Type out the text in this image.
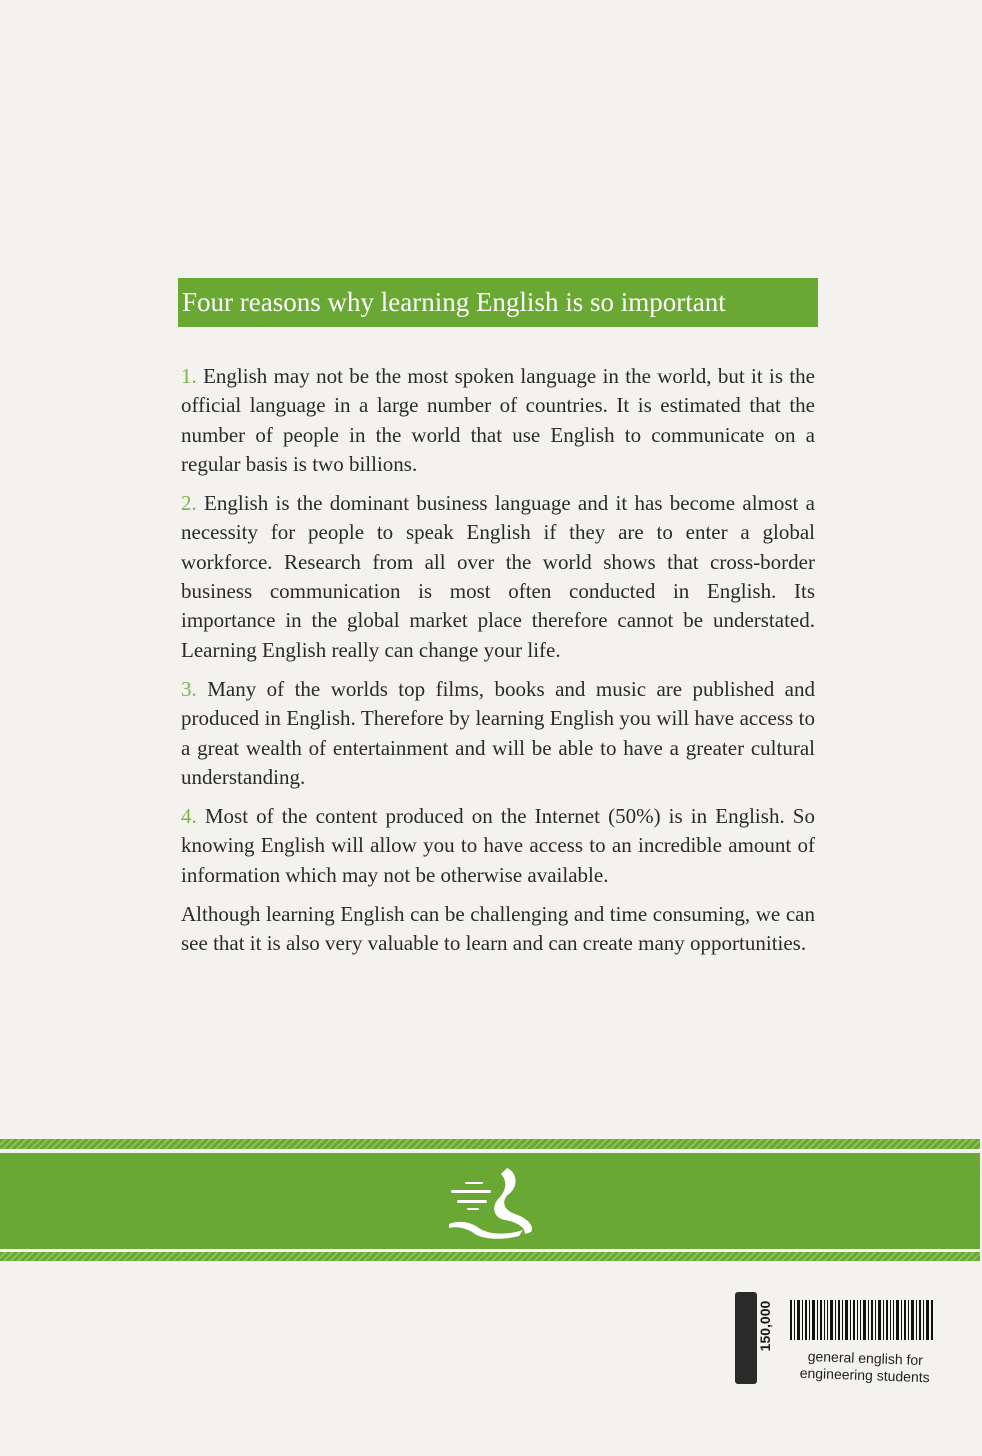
Four reasons why learning English is so important

1. English may not be the most spoken language in the world, but it is the official language in a large number of countries. It is estimated that the number of people in the world that use English to communicate on a regular basis is two billions.

2. English is the dominant business language and it has become almost a necessity for people to speak English if they are to enter a global workforce. Research from all over the world shows that cross-border business communication is most often conducted in English. Its importance in the global market place therefore cannot be understated. Learning English really can change your life.

3. Many of the worlds top films, books and music are published and produced in English. Therefore by learning English you will have access to a great wealth of entertainment and will be able to have a greater cultural understanding.

4. Most of the content produced on the Internet (50%) is in English. So knowing English will allow you to have access to an incredible amount of information which may not be otherwise available.

Although learning English can be challenging and time consuming, we can see that it is also very valuable to learn and can create many opportunities.

150,000
general english for engineering students
